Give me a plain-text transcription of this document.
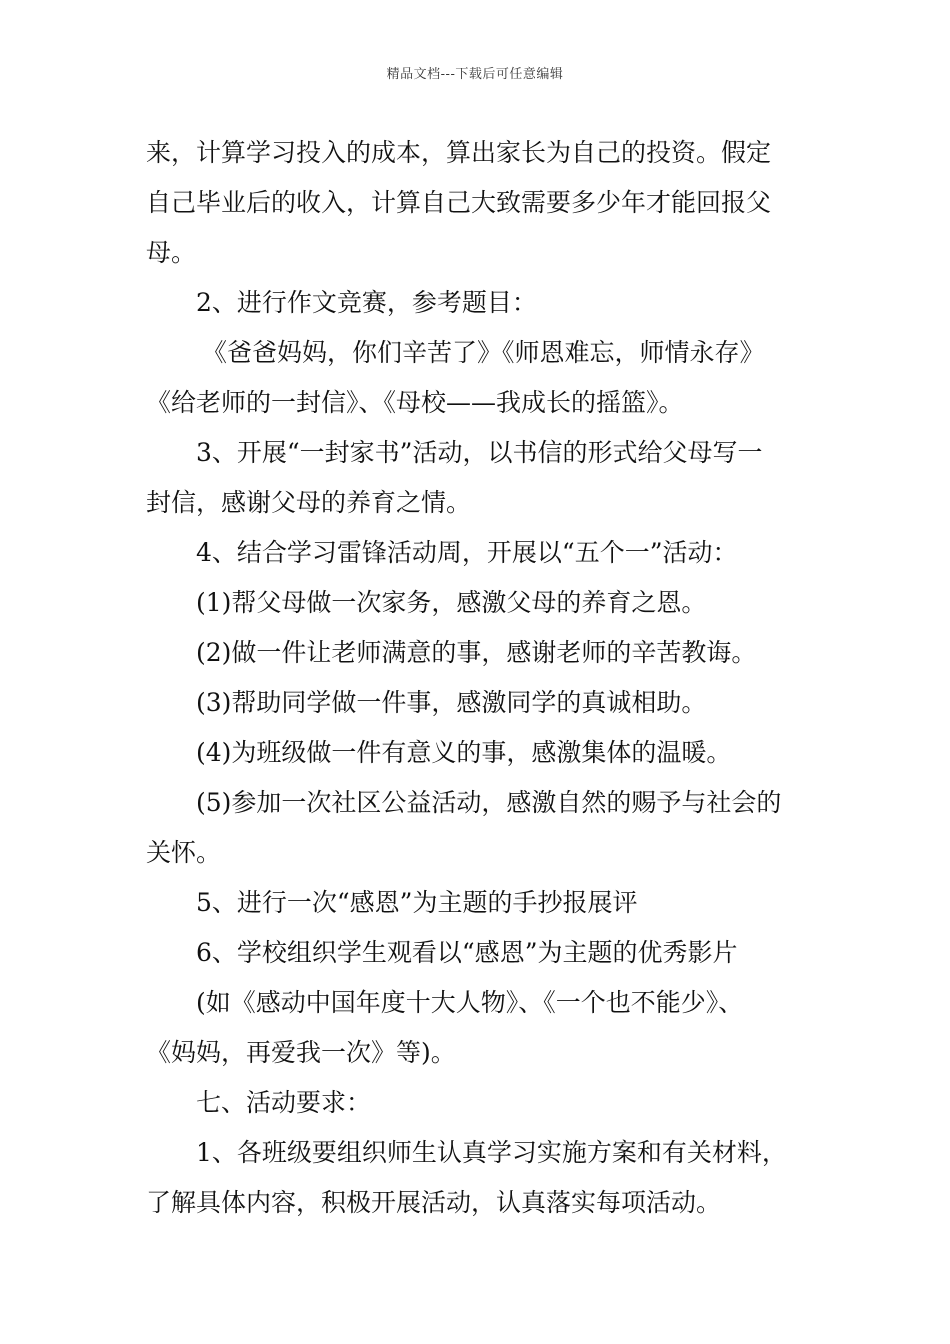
精品文档---下载后可任意编辑
来，计算学习投入的成本，算出家长为自己的投资。假定
自己毕业后的收入，计算自己大致需要多少年才能回报父
母。
2、进行作文竞赛，参考题目：
《爸爸妈妈，你们辛苦了》《师恩难忘，师情永存》
《给老师的一封信》、《母校——我成长的摇篮》。
3、开展“一封家书”活动，以书信的形式给父母写一
封信，感谢父母的养育之情。
4、结合学习雷锋活动周，开展以“五个一”活动：
(1)帮父母做一次家务，感激父母的养育之恩。
(2)做一件让老师满意的事，感谢老师的辛苦教诲。
(3)帮助同学做一件事，感激同学的真诚相助。
(4)为班级做一件有意义的事，感激集体的温暖。
(5)参加一次社区公益活动，感激自然的赐予与社会的
关怀。
5、进行一次“感恩”为主题的手抄报展评
6、学校组织学生观看以“感恩”为主题的优秀影片
(如《感动中国年度十大人物》、《一个也不能少》、
《妈妈，再爱我一次》等)。
七、活动要求：
1、各班级要组织师生认真学习实施方案和有关材料，
了解具体内容，积极开展活动，认真落实每项活动。
